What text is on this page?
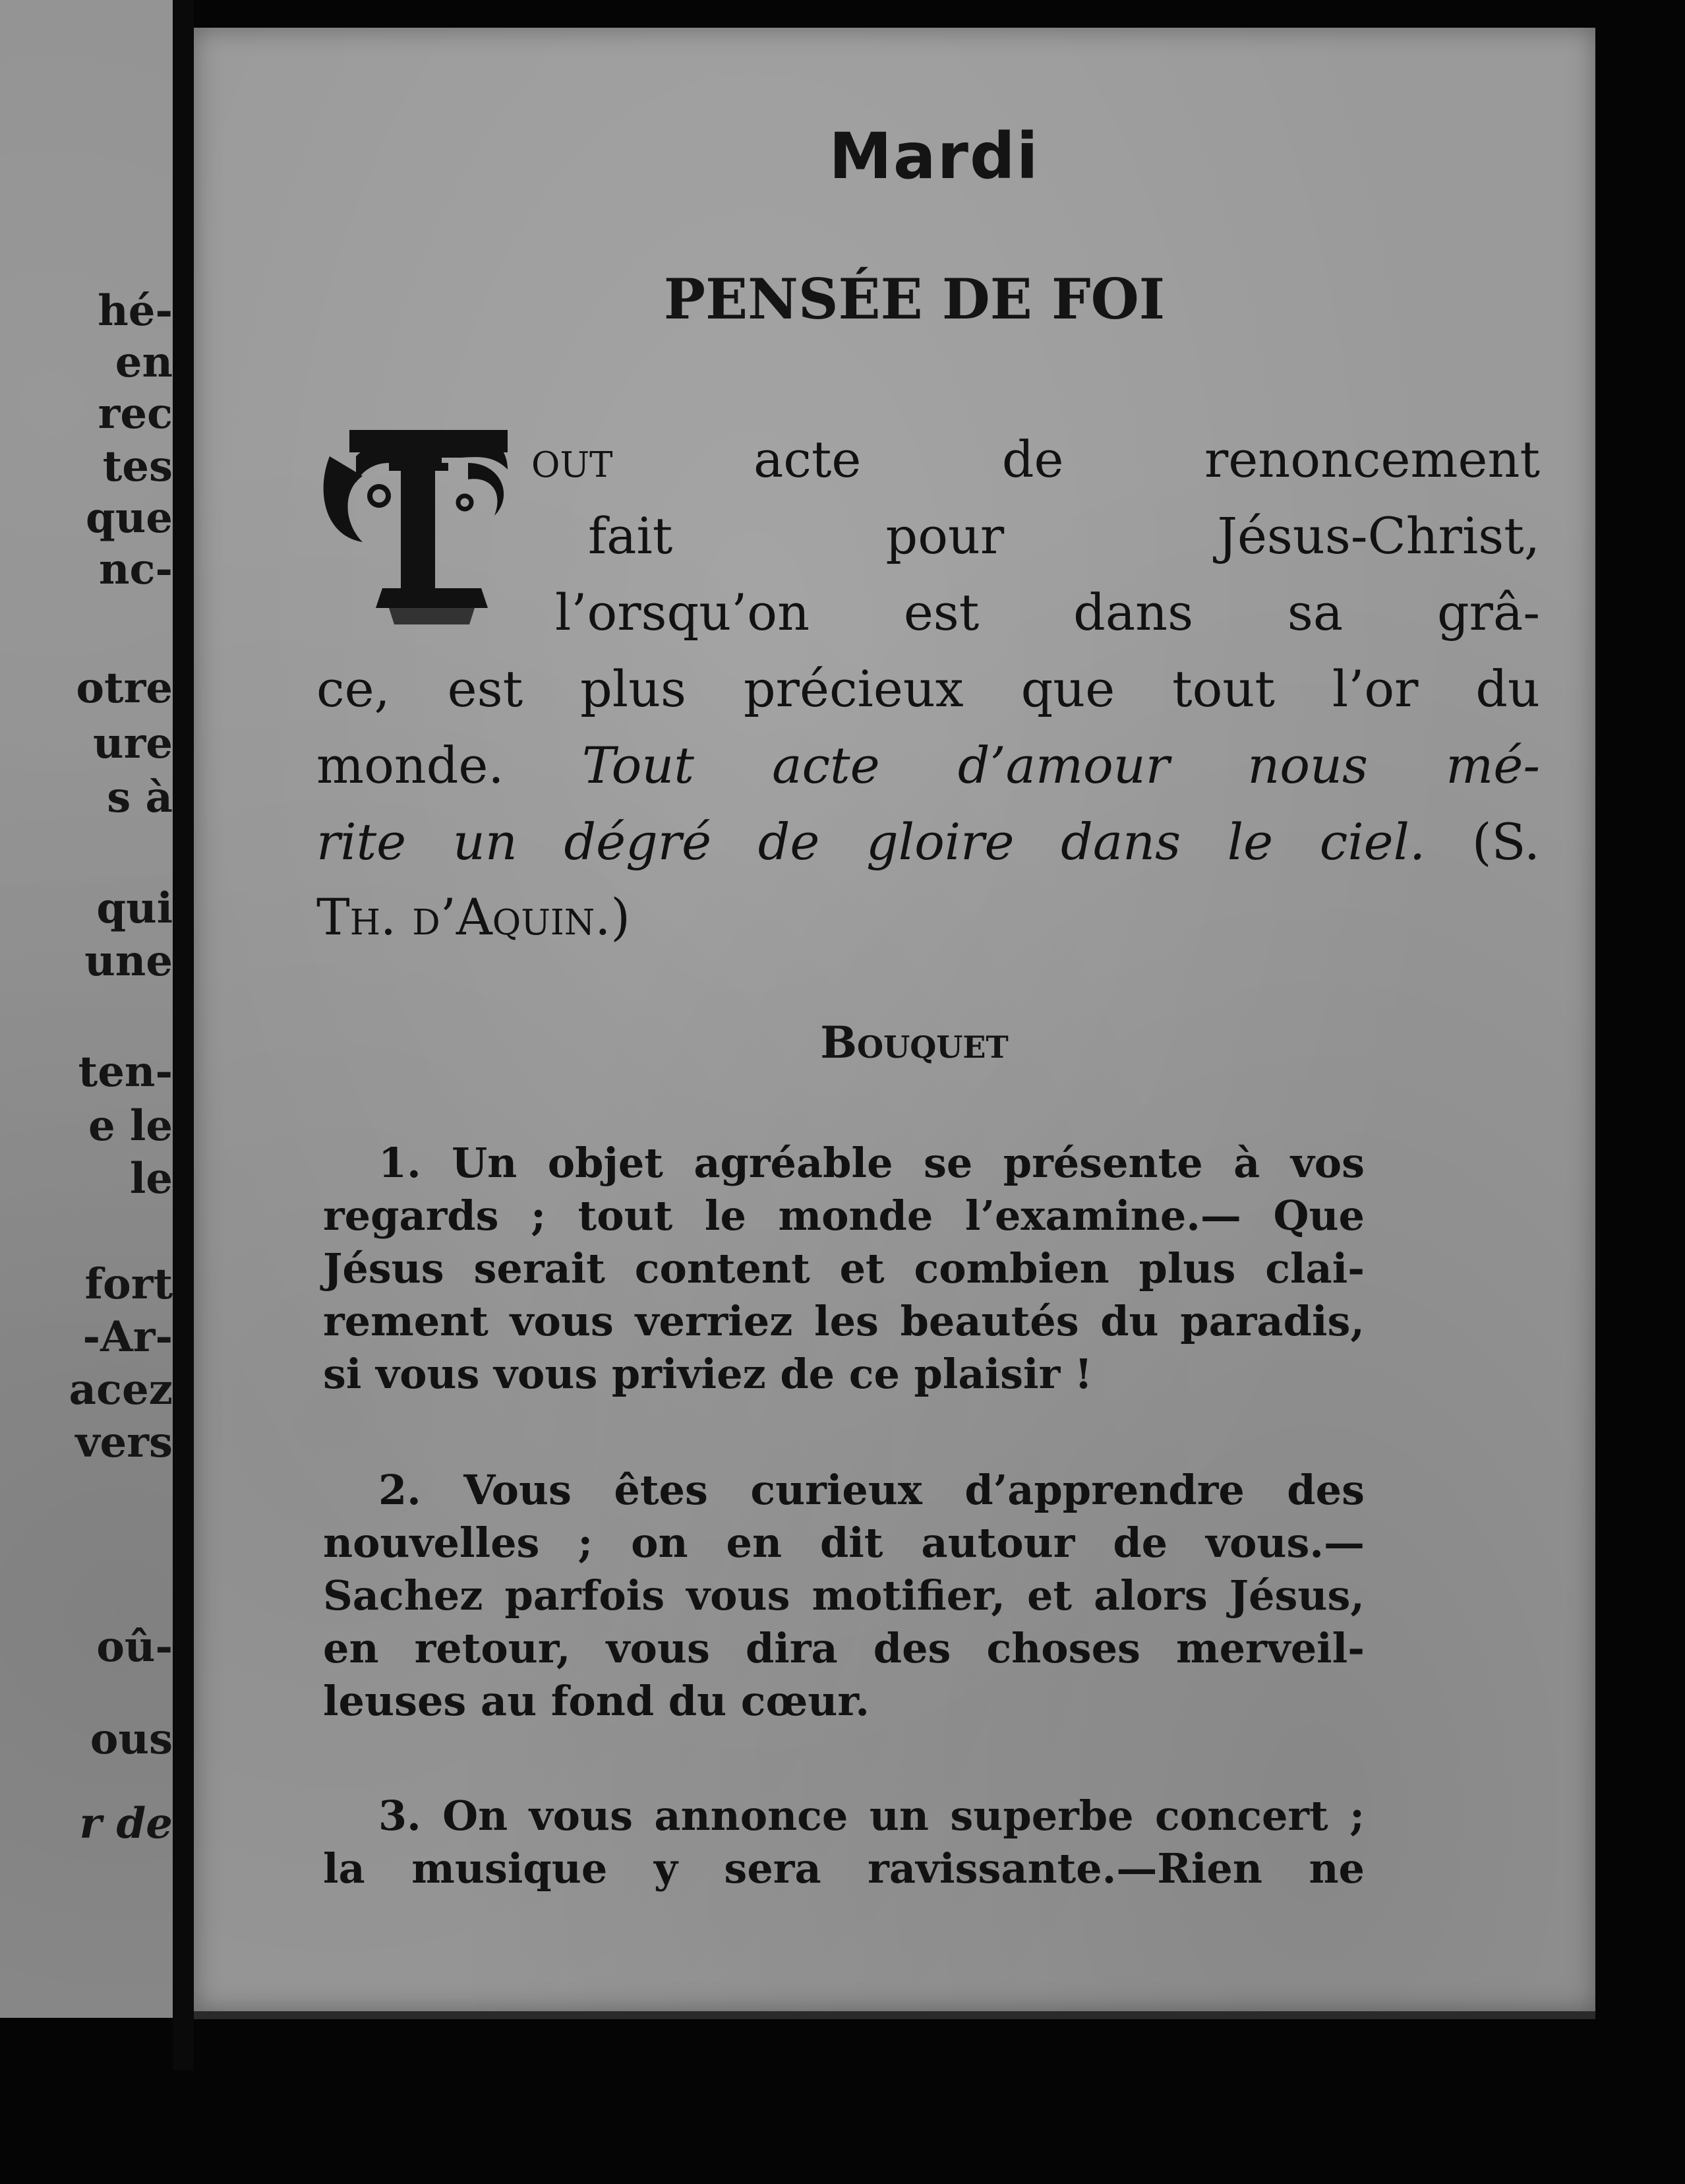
hé-
en
rec
tes
que
nc-
otre
ure
s à
qui
une
ten-
e le
le
fort
-Ar-
acez
vers
oû-
ous
r de
Mardi
PENSÉE DE FOI
out acte de renoncement
fait pour Jésus-Christ,
l’orsqu’on est dans sa grâ-
ce, est plus précieux que tout l’or du
monde. Tout acte d’amour nous mé-
rite un dégré de gloire dans le ciel. (S.
Th. d’Aquin.)
Bouquet
1. Un objet agréable se présente à vos
regards ; tout le monde l’examine.— Que
Jésus serait content et combien plus clai-
rement vous verriez les beautés du paradis,
si vous vous priviez de ce plaisir !
2. Vous êtes curieux d’apprendre des
nouvelles ; on en dit autour de vous.—
Sachez parfois vous motifier, et alors Jésus,
en retour, vous dira des choses merveil-
leuses au fond du cœur.
3. On vous annonce un superbe concert ;
la musique y sera ravissante.—Rien ne
